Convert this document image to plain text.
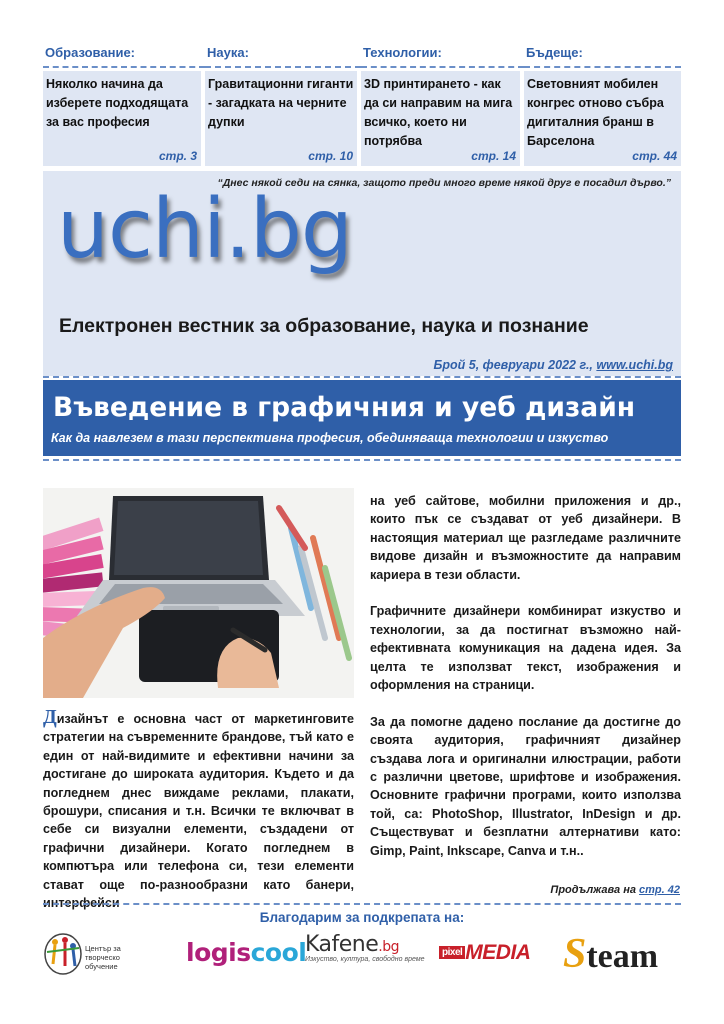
Образование:
Няколко начина да изберете подходящата за вас професия
стр. 3
Наука:
Гравитационни гиганти - загадката на черните дупки
стр. 10
Технологии:
3D принтирането - как да си направим на мига всичко, което ни потрябва
стр. 14
Бъдеще:
Световният мобилен конгрес отново събра дигиталния бранш в Барселона
стр. 44
“Днес някой седи на сянка, защото преди много време някой друг е посадил дърво.”
uchi.bg
Електронен вестник за образование, наука и познание
Брой 5, февруари 2022 г., www.uchi.bg
Въведение в графичния и уеб дизайн
Как да навлезем в тази перспективна професия, обединяваща технологии и изкуство
Дизайнът е основна част от маркетинговите стратегии на съвременните брандове, тъй като е един от най-видимите и ефективни начини за достигане до широката аудитория. Където и да погледнем днес виждаме реклами, плакати, брошури, списания и т.н. Всички те включват в себе си визуални елементи, създадени от графични дизайнери. Когато погледнем в компютъра или телефона си, тези елементи стават още по-разнообразни като банери, интерфейси

на уеб сайтове, мобилни приложения и др., които пък се създават от уеб дизайнери. В настоящия материал ще разгледаме различните видове дизайн и възможностите да направим кариера в тези области.

Графичните дизайнери комбинират изкуство и технологии, за да постигнат възможно най-ефективната комуникация на дадена идея. За целта те използват текст, изображения и оформления на страници.

За да помогне дадено послание да достигне до своята аудитория, графичният дизайнер създава лога и оригинални илюстрации, работи с различни цветове, шрифтове и изображения. Основните графични програми, които използва той, са: PhotoShop, Illustrator, InDesign и др. Съществуват и безплатни алтернативи като: Gimp, Paint, Inkscape, Canva и т.н..

Продължава на стр. 42
Благодарим за подкрепата на:
Център за
творческо обучение	logiscool
Kafene.bg
Изкуство, култура, свободно време
pixel MEDIA Steam
